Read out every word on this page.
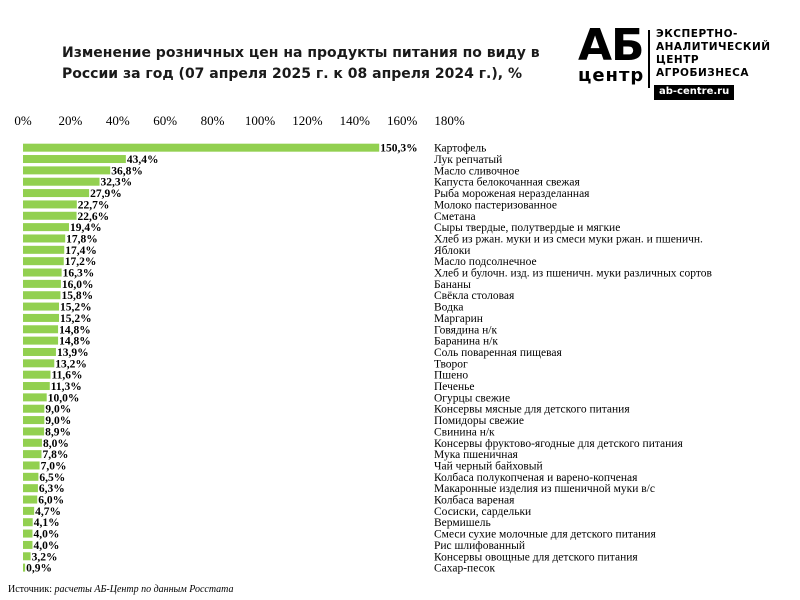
Изменение розничных цен на продукты питания по виду в России за год (07 апреля 2025 г. к 08 апреля 2024 г.), %
АБ
центр
ЭКСПЕРТНО-
АНАЛИТИЧЕСКИЙ
ЦЕНТР
АГРОБИЗНЕСА
ab-centre.ru
0% 20% 40% 60% 80% 100% 120% 140% 160% 180%
150,3% Картофель
43,4%	Лук репчатый
36,8%	Масло сливочное
32,3%	Капуста белокочанная свежая
27,9%	Рыба мороженая неразделанная
22,7%	Молоко пастеризованное
22,6%	Сметана
19,4%	Сыры твердые, полутвердые и мягкие
17,8%	Хлеб из ржан. муки и из смеси муки ржан. и пшеничн.
17,4%	Яблоки
17,2%	Масло подсолнечное
16,3%	Хлеб и булочн. изд. из пшеничн. муки различных сортов
16,0%	Бананы
15,8%	Свёкла столовая
15,2%	Водка
15,2%	Маргарин
14,8%	Говядина н/к
14,8%	Баранина н/к
13,9%	Соль поваренная пищевая
13,2%	Творог
11,6%	Пшено
11,3%	Печенье
10,0%	Огурцы свежие
9,0%	Консервы мясные для детского питания
9,0%	Помидоры свежие
8,9%	Свинина н/к
8,0%	Консервы фруктово-ягодные для детского питания
7,8%	Мука пшеничная
7,0%	Чай черный байховый
6,5%	Колбаса полукопченая и варено-копченая
6,3%	Макаронные изделия из пшеничной муки в/с
6,0%	Колбаса вареная
4,7%	Сосиски, сардельки
4,1%	Вермишель
4,0%	Смеси сухие молочные для детского питания
4,0%	Рис шлифованный
3,2%	Консервы овощные для детского питания
0,9%	Сахар-песок
Источник: расчеты АБ-Центр по данным Росстата
